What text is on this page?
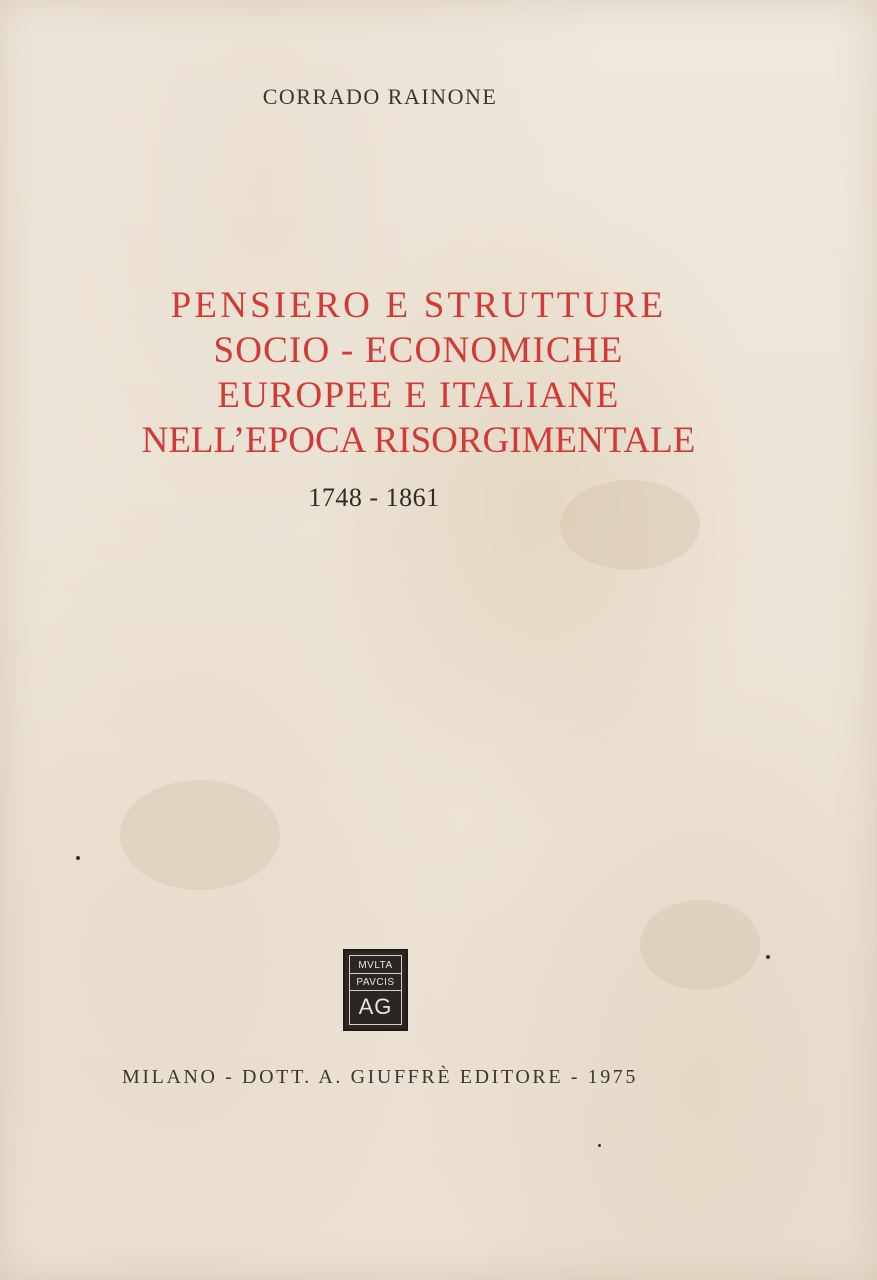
CORRADO RAINONE
PENSIERO E STRUTTURE
SOCIO - ECONOMICHE
EUROPEE E ITALIANE
NELL’EPOCA RISORGIMENTALE
1748 - 1861
MVLTA
PAVCIS
AG
MILANO - DOTT. A. GIUFFRÈ EDITORE - 1975
